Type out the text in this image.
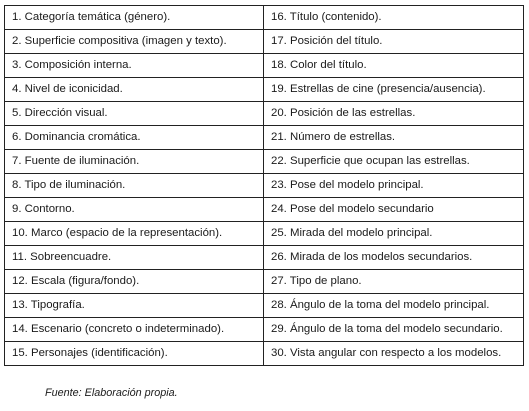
1. Categoría temática (género).	16. Título (contenido).
2. Superficie compositiva (imagen y texto).	17. Posición del título.
3. Composición interna.	18. Color del título.
4. Nivel de iconicidad.	19. Estrellas de cine (presencia/ausencia).
5. Dirección visual.	20. Posición de las estrellas.
6. Dominancia cromática.	21. Número de estrellas.
7. Fuente de iluminación.	22. Superficie que ocupan las estrellas.
8. Tipo de iluminación.	23. Pose del modelo principal.
9. Contorno.	24. Pose del modelo secundario
10. Marco (espacio de la representación).	25. Mirada del modelo principal.
11. Sobreencuadre.	26. Mirada de los modelos secundarios.
12. Escala (figura/fondo).	27. Tipo de plano.
13. Tipografía.	28. Ángulo de la toma del modelo principal.
14. Escenario (concreto o indeterminado).	29. Ángulo de la toma del modelo secundario.
15. Personajes (identificación).	30. Vista angular con respecto a los modelos.
Fuente: Elaboración propia.
